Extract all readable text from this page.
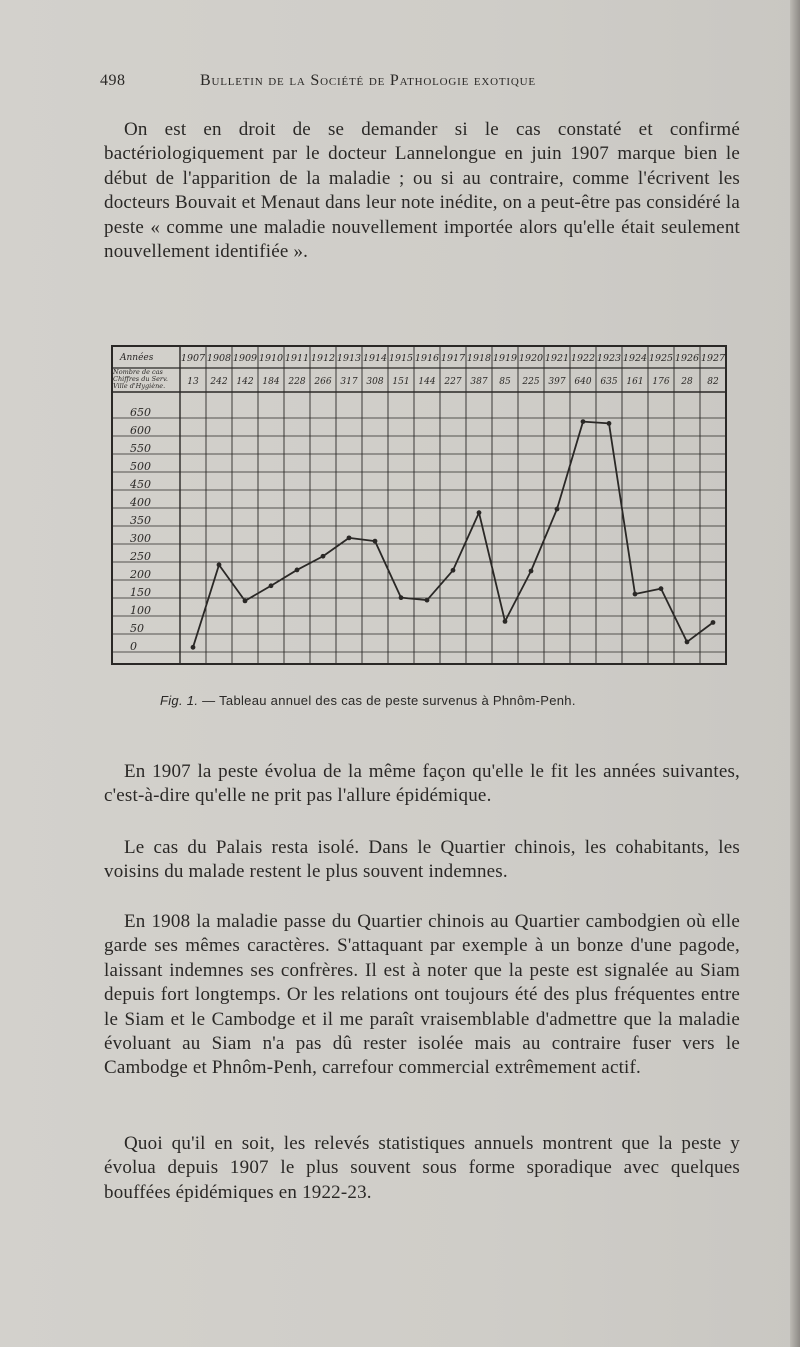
498	Bulletin de la Société de Pathologie exotique
On est en droit de se demander si le cas constaté et confirmé bactériologiquement par le docteur Lannelongue en juin 1907 marque bien le début de l'apparition de la maladie ; ou si au contraire, comme l'écrivent les docteurs Bouvait et Menaut dans leur note inédite, on a peut-être pas considéré la peste « comme une maladie nouvellement importée alors qu'elle était seulement nouvellement identifiée ».
Années
Nombre de cas Chiffres du Serv. Ville d'Hygiène.
1907
13
1908
242
1909
142
1910
184
1911
228
1912
266
1913
317
1914
308
1915
151
1916
144
1917
227
1918
387
1919
85
1920
225
1921
397
1922
640
1923
635
1924
161
1925
176
1926
28
1927
82
650
600
550
500
450
400
350
300
250
200
150
100
50
0
Fig. 1. — Tableau annuel des cas de peste survenus à Phnôm-Penh.
En 1907 la peste évolua de la même façon qu'elle le fit les années suivantes, c'est-à-dire qu'elle ne prit pas l'allure épidémique.
Le cas du Palais resta isolé. Dans le Quartier chinois, les cohabitants, les voisins du malade restent le plus souvent indemnes.
En 1908 la maladie passe du Quartier chinois au Quartier cambodgien où elle garde ses mêmes caractères. S'attaquant par exemple à un bonze d'une pagode, laissant indemnes ses confrères. Il est à noter que la peste est signalée au Siam depuis fort longtemps. Or les relations ont toujours été des plus fréquentes entre le Siam et le Cambodge et il me paraît vraisemblable d'admettre que la maladie évoluant au Siam n'a pas dû rester isolée mais au contraire fuser vers le Cambodge et Phnôm-Penh, carrefour commercial extrêmement actif.
Quoi qu'il en soit, les relevés statistiques annuels montrent que la peste y évolua depuis 1907 le plus souvent sous forme sporadique avec quelques bouffées épidémiques en 1922-23.
